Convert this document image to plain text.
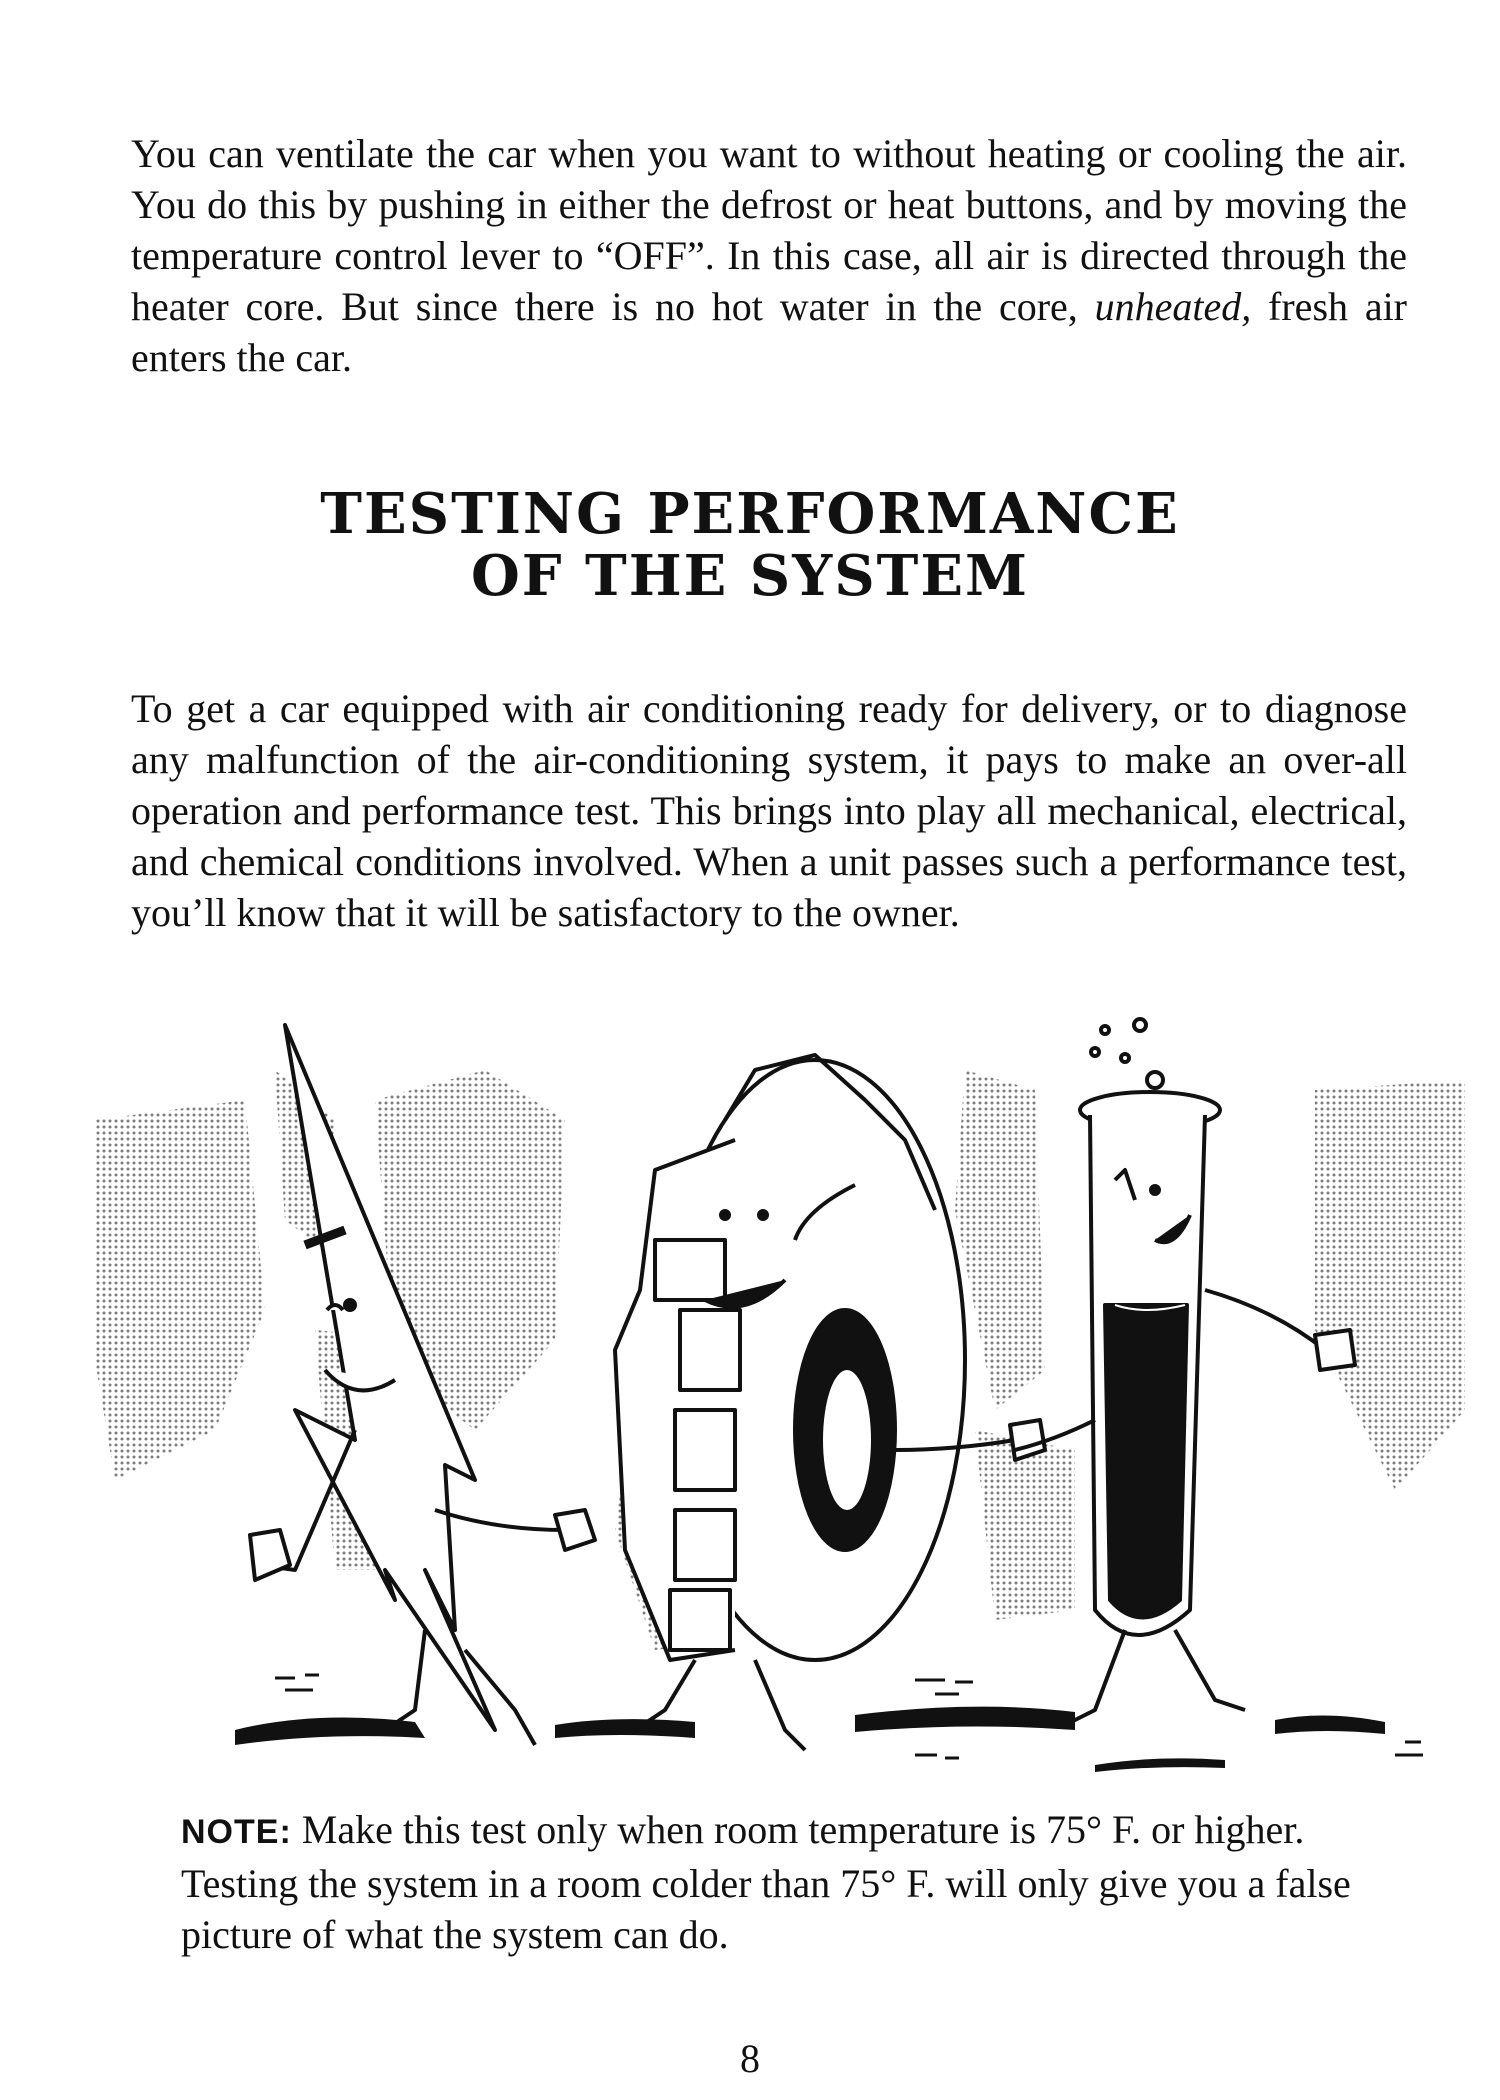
You can ventilate the car when you want to without heating or cooling the air. You do this by pushing in either the defrost or heat buttons, and by moving the temperature control lever to “OFF”. In this case, all air is directed through the heater core. But since there is no hot water in the core, unheated, fresh air enters the car.

TESTING PERFORMANCE
OF THE SYSTEM

To get a car equipped with air conditioning ready for delivery, or to diagnose any malfunction of the air-conditioning system, it pays to make an over-all operation and performance test. This brings into play all mechanical, electrical, and chemical conditions involved. When a unit passes such a performance test, you’ll know that it will be satisfactory to the owner.

NOTE: Make this test only when room temperature is 75° F. or higher. Testing the system in a room colder than 75° F. will only give you a false picture of what the system can do.

8
